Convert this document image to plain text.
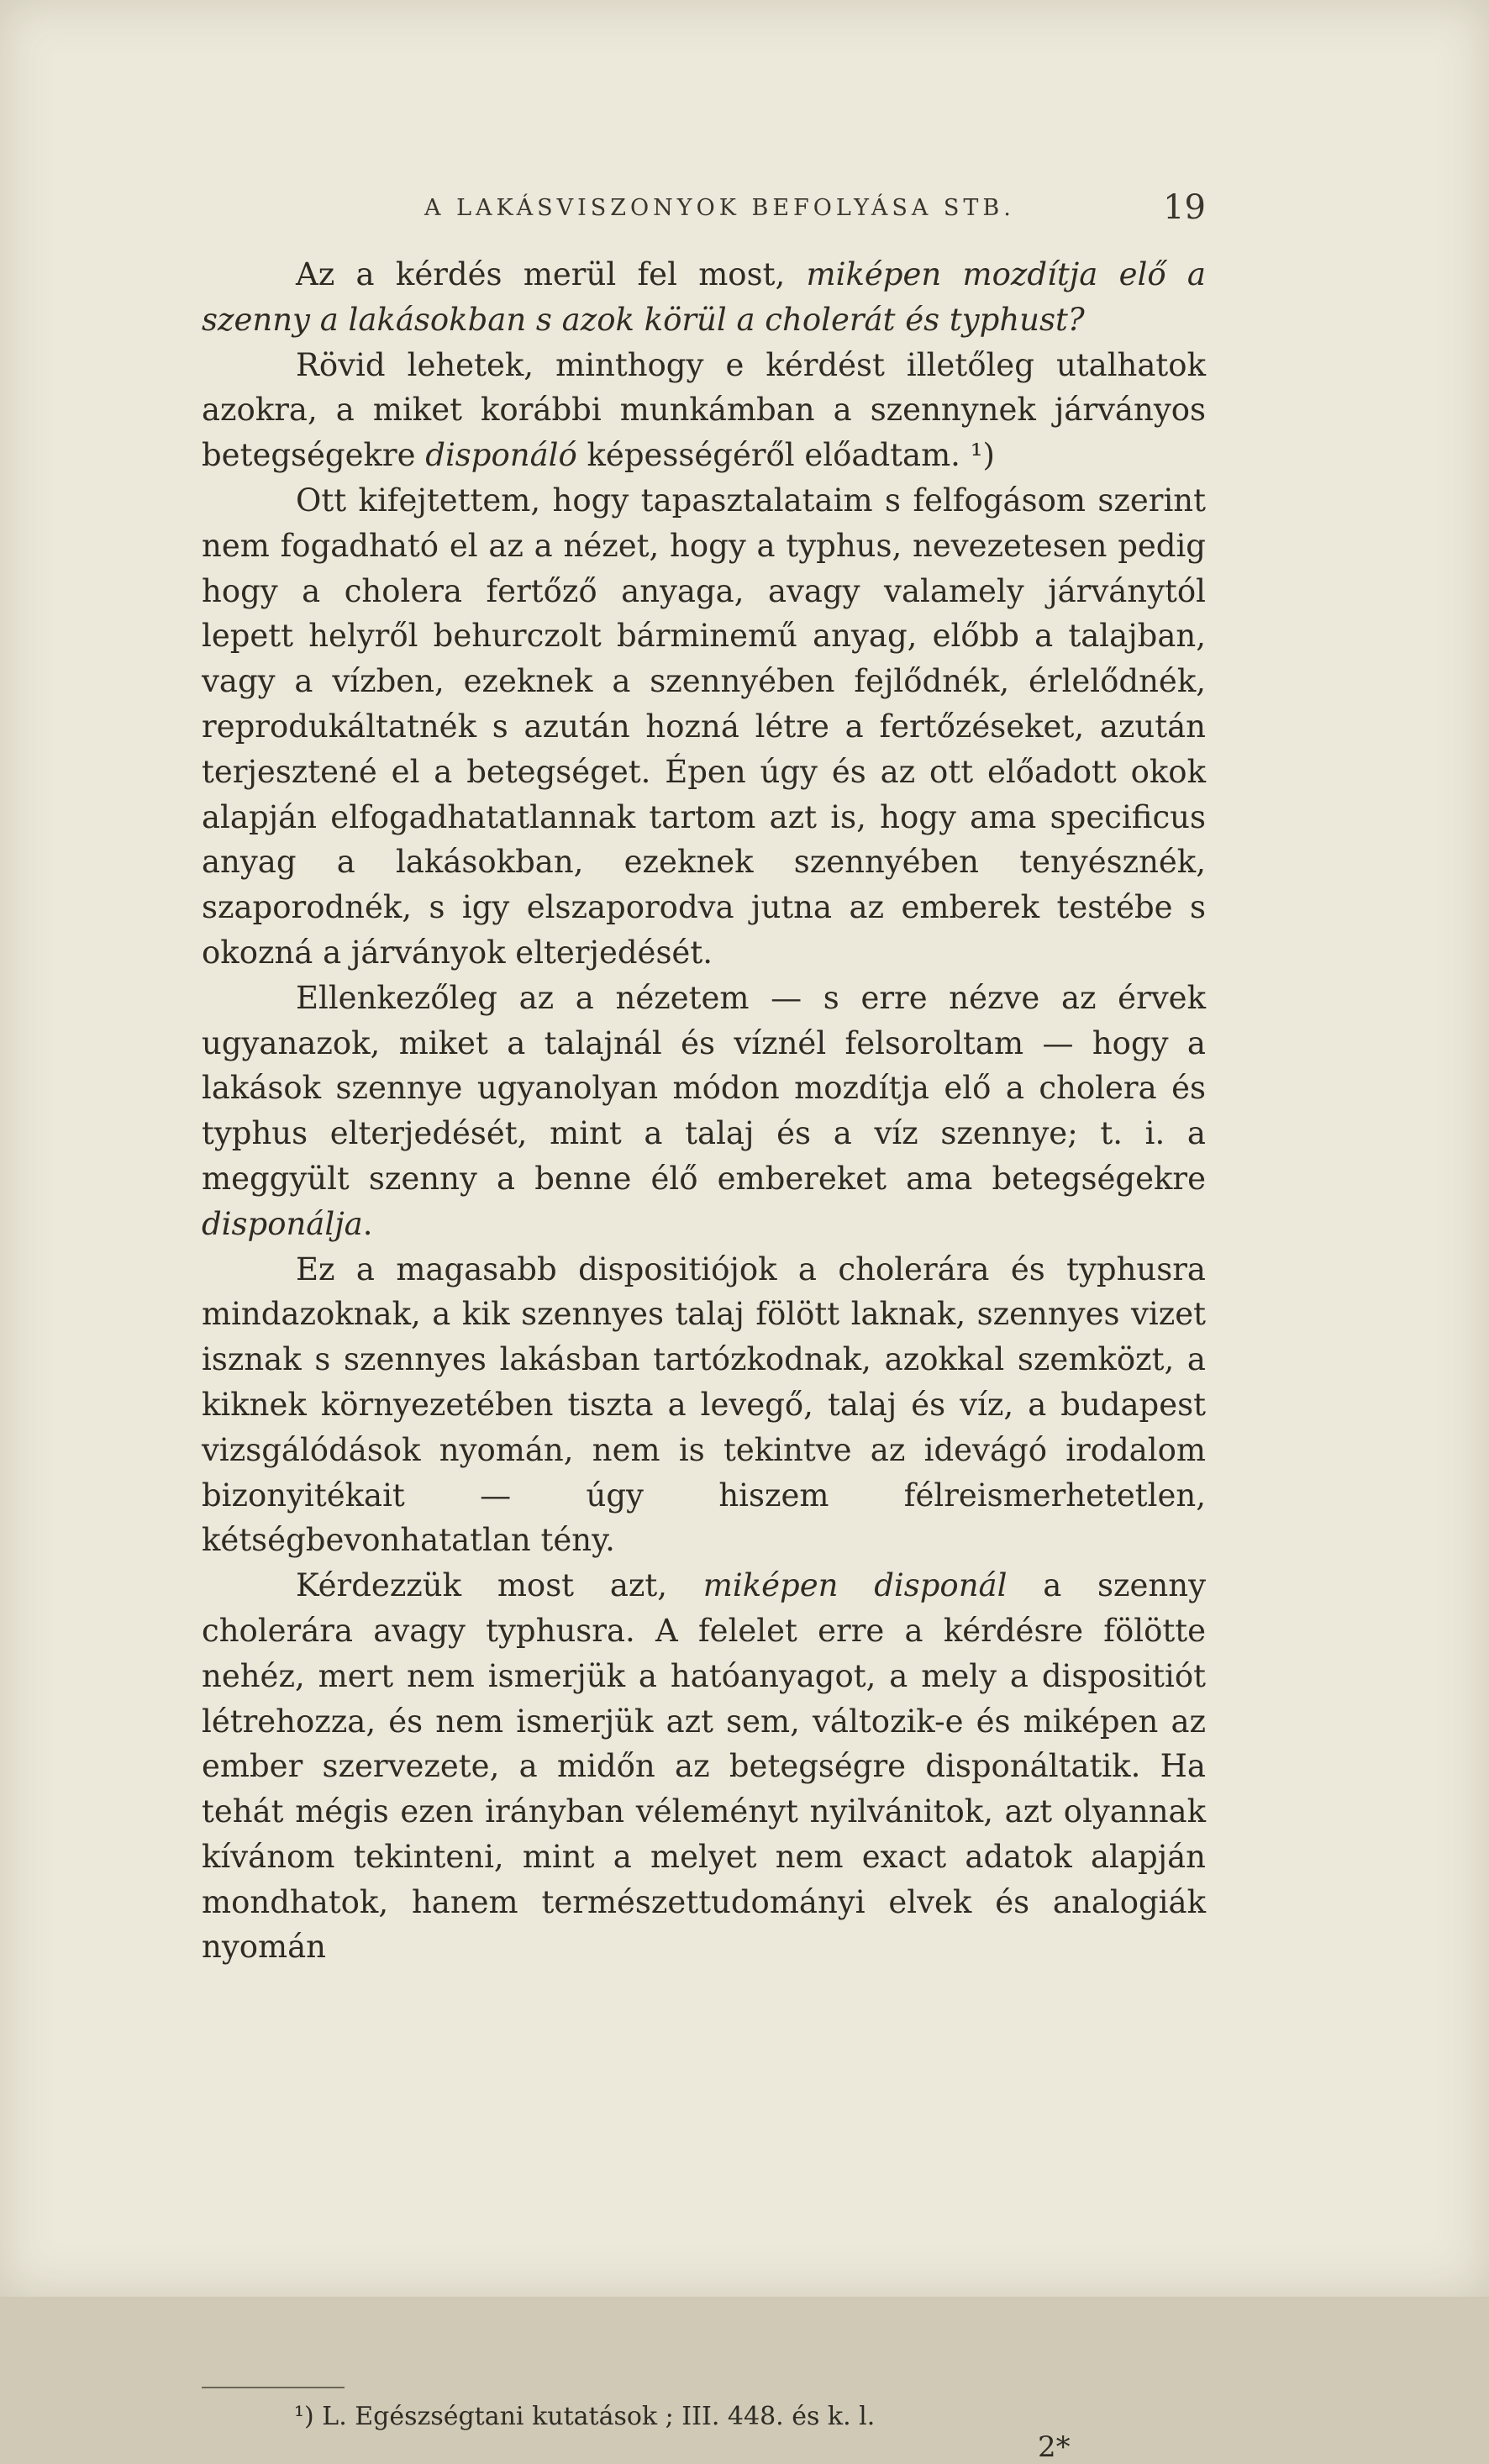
A LAKÁSVISZONYOK BEFOLYÁSA STB.	19

Az a kérdés merül fel most, miképen mozdítja elő a szenny a lakásokban s azok körül a cholerát és typhust?

Rövid lehetek, minthogy e kérdést illetőleg utalhatok azokra, a miket korábbi munkámban a szennynek járványos betegségekre disponáló képességéről előadtam. ¹)

Ott kifejtettem, hogy tapasztalataim s felfogásom szerint nem fogadható el az a nézet, hogy a typhus, nevezetesen pedig hogy a cholera fertőző anyaga, avagy valamely járványtól lepett helyről behurczolt bárminemű anyag, előbb a talajban, vagy a vízben, ezeknek a szennyében fejlődnék, érlelődnék, reprodukáltatnék s azután hozná létre a fertőzéseket, azután terjesztené el a betegséget. Épen úgy és az ott előadott okok alapján elfogadhatatlannak tartom azt is, hogy ama specificus anyag a lakásokban, ezeknek szennyében tenyésznék, szaporodnék, s igy elszaporodva jutna az emberek testébe s okozná a járványok elterjedését.

Ellenkezőleg az a nézetem — s erre nézve az érvek ugyanazok, miket a talajnál és víznél felsoroltam — hogy a lakások szennye ugyanolyan módon mozdítja elő a cholera és typhus elterjedését, mint a talaj és a víz szennye; t. i. a meggyült szenny a benne élő embereket ama betegségekre disponálja.

Ez a magasabb dispositiójok a cholerára és typhusra mindazoknak, a kik szennyes talaj fölött laknak, szennyes vizet isznak s szennyes lakásban tartózkodnak, azokkal szemközt, a kiknek környezetében tiszta a levegő, talaj és víz, a budapest vizsgálódások nyomán, nem is tekintve az idevágó irodalom bizonyitékait — úgy hiszem félreismerhetetlen, kétségbevonhatatlan tény.

Kérdezzük most azt, miképen disponál a szenny cholerára avagy typhusra. A felelet erre a kérdésre fölötte nehéz, mert nem ismerjük a hatóanyagot, a mely a dispositiót létrehozza, és nem ismerjük azt sem, változik-e és miképen az ember szervezete, a midőn az betegségre disponáltatik. Ha tehát mégis ezen irányban véleményt nyilvánitok, azt olyannak kívánom tekinteni, mint a melyet nem exact adatok alapján mondhatok, hanem természettudományi elvek és analogiák nyomán

¹) L. Egészségtani kutatások ; III. 448. és k. l.
2*
